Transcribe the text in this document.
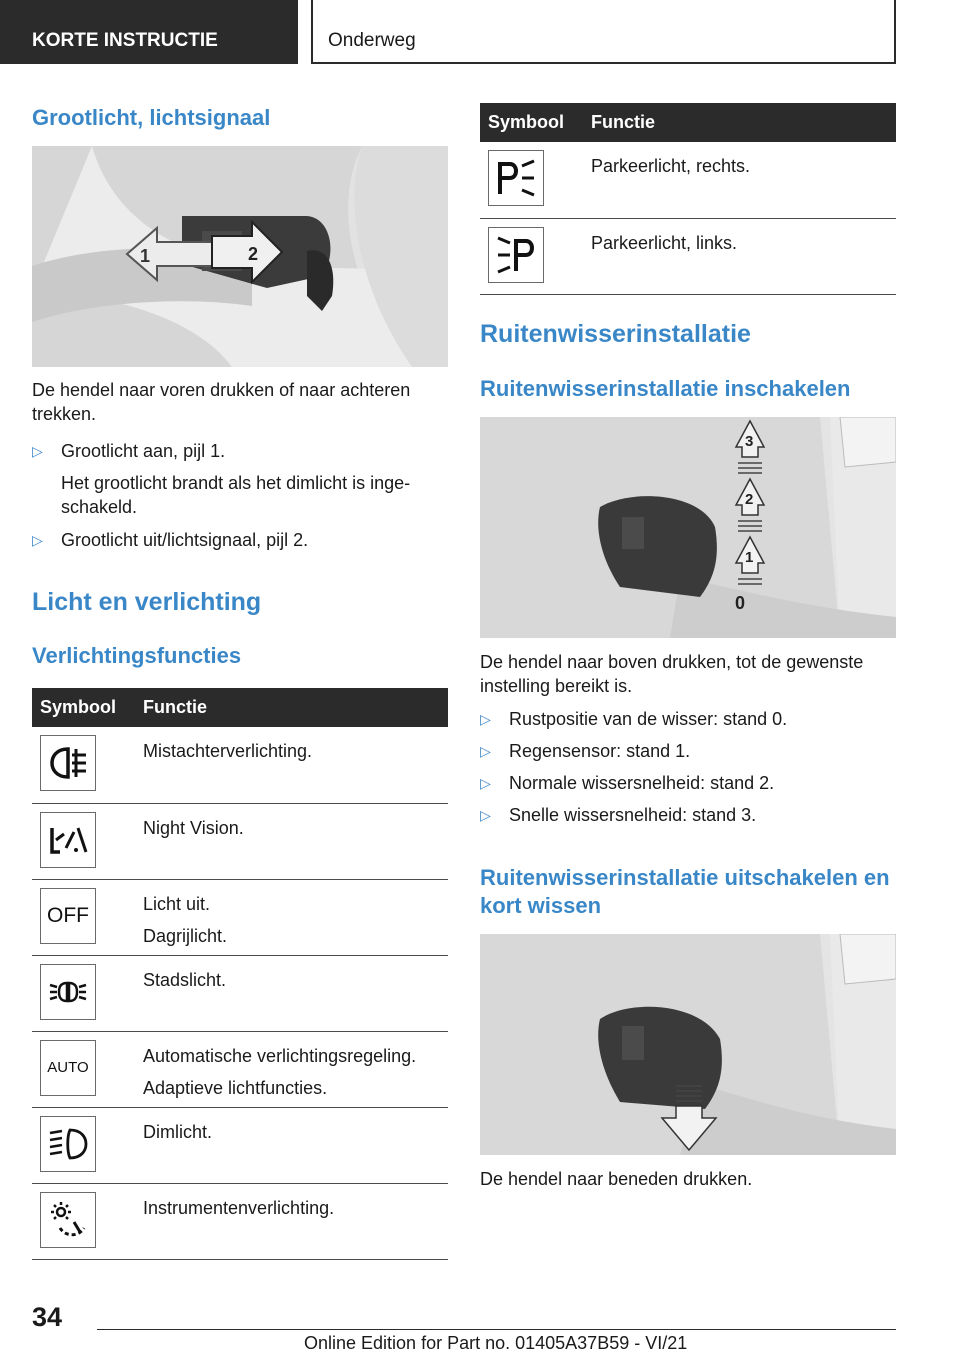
KORTE INSTRUCTIE	Onderweg
Grootlicht, lichtsignaal
1	2

De hendel naar voren drukken of naar achteren trekken.

▷ Grootlicht aan, pijl 1.
Het grootlicht brandt als het dimlicht is inge-schakeld.
▷ Grootlicht uit/lichtsignaal, pijl 2.
Licht en verlichting
Verlichtingsfuncties
Symbool	Functie

Mistachterverlichting.

Night Vision.

OFF	Licht uit.
Dagrijlicht.

Stadslicht.

AUTO	Automatische verlichtingsregeling.
Adaptieve lichtfuncties.

Dimlicht.

Instrumentenverlichting.
Symbool	Functie

Parkeerlicht, rechts.

Parkeerlicht, links.
Ruitenwisserinstallatie
Ruitenwisserinstallatie inschakelen
3
2
1
0

De hendel naar boven drukken, tot de gewenste instelling bereikt is.

▷ Rustpositie van de wisser: stand 0.
▷ Regensensor: stand 1.
▷ Normale wissersnelheid: stand 2.
▷ Snelle wissersnelheid: stand 3.
Ruitenwisserinstallatie uitschakelen en kort wissen

De hendel naar beneden drukken.

34
Online Edition for Part no. 01405A37B59 - VI/21
